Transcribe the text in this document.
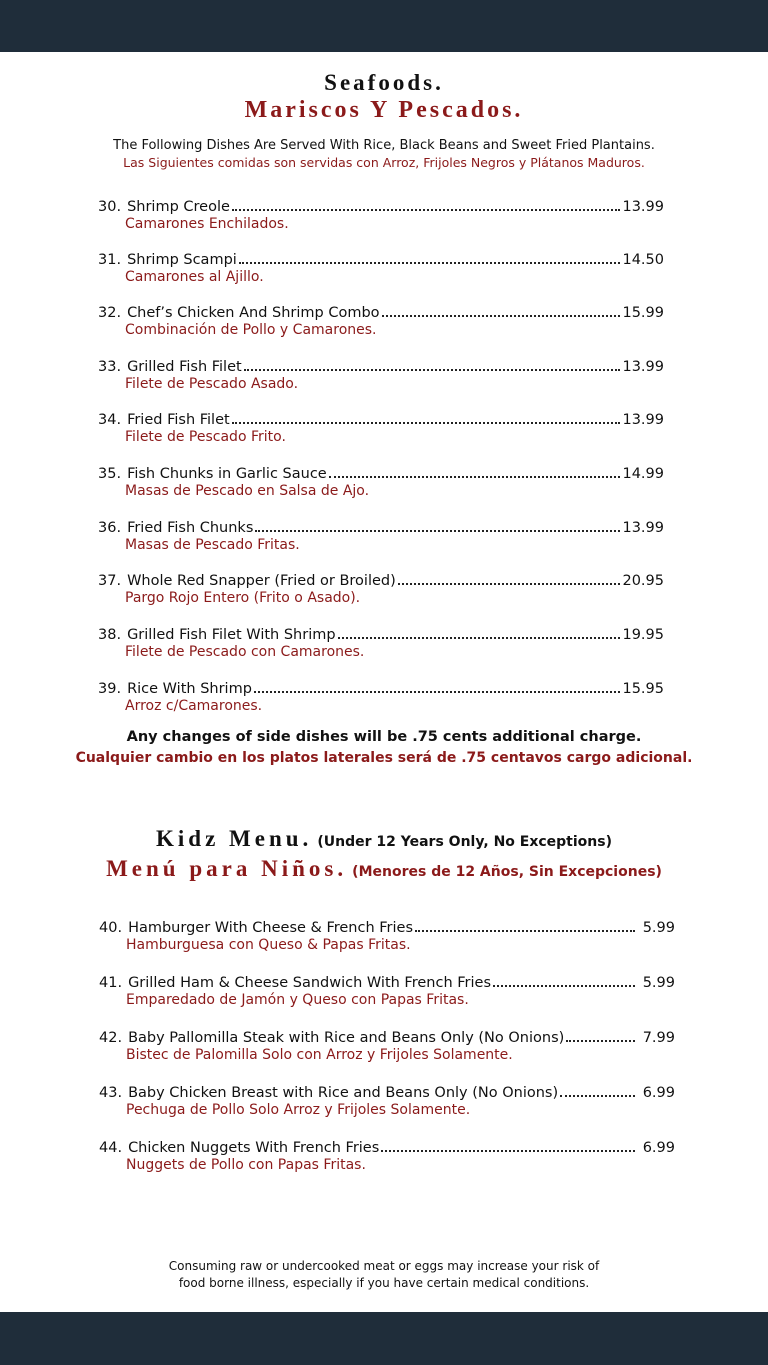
Seafoods.
Mariscos Y Pescados.
The Following Dishes Are Served With Rice, Black Beans and Sweet Fried Plantains.
Las Siguientes comidas son servidas con Arroz, Frijoles Negros y Plátanos Maduros.
30. Shrimp Creole	13.99
Camarones Enchilados.
31. Shrimp Scampi	14.50
Camarones al Ajillo.
32. Chef’s Chicken And Shrimp Combo	15.99
Combinación de Pollo y Camarones.
33. Grilled Fish Filet	13.99
Filete de Pescado Asado.
34. Fried Fish Filet	13.99
Filete de Pescado Frito.
35. Fish Chunks in Garlic Sauce	14.99
Masas de Pescado en Salsa de Ajo.
36. Fried Fish Chunks	13.99
Masas de Pescado Fritas.
37. Whole Red Snapper (Fried or Broiled)	20.95
Pargo Rojo Entero (Frito o Asado).
38. Grilled Fish Filet With Shrimp	19.95
Filete de Pescado con Camarones.
39. Rice With Shrimp	15.95
Arroz c/Camarones.
Any changes of side dishes will be .75 cents additional charge.
Cualquier cambio en los platos laterales será de .75 centavos cargo adicional.
Kidz Menu. (Under 12 Years Only, No Exceptions)
Menú para Niños. (Menores de 12 Años, Sin Excepciones)
40. Hamburger With Cheese & French Fries	5.99
Hamburguesa con Queso & Papas Fritas.
41. Grilled Ham & Cheese Sandwich With French Fries	5.99
Emparedado de Jamón y Queso con Papas Fritas.
42. Baby Pallomilla Steak with Rice and Beans Only (No Onions)	7.99
Bistec de Palomilla Solo con Arroz y Frijoles Solamente.
43. Baby Chicken Breast with Rice and Beans Only (No Onions)	6.99
Pechuga de Pollo Solo Arroz y Frijoles Solamente.
44. Chicken Nuggets With French Fries	6.99
Nuggets de Pollo con Papas Fritas.
Consuming raw or undercooked meat or eggs may increase your risk of
food borne illness, especially if you have certain medical conditions.
